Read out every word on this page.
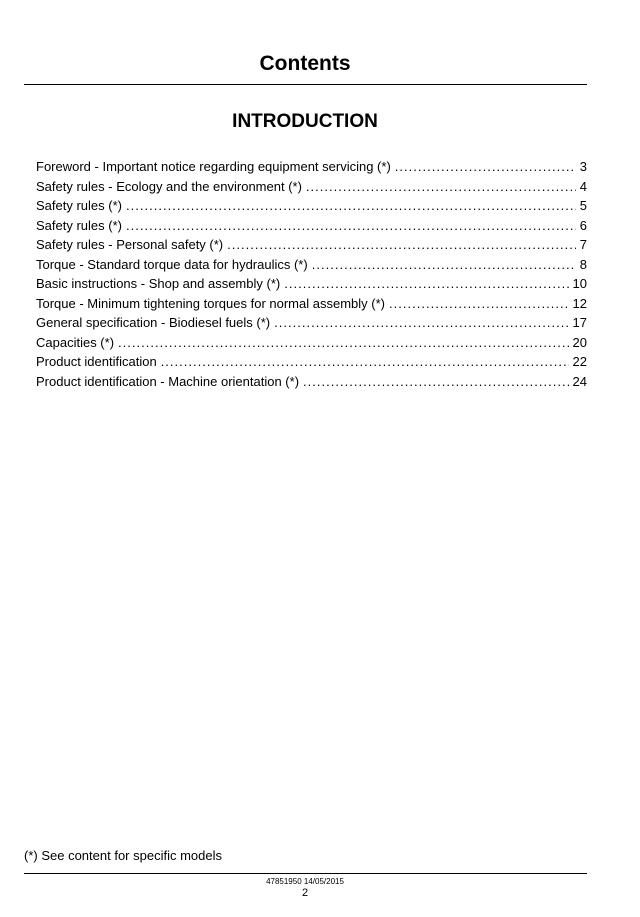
Contents
INTRODUCTION
Foreword - Important notice regarding equipment servicing (*) . . .	3
Safety rules - Ecology and the environment (*) . . .	4
Safety rules (*) . . .	5
Safety rules (*) . . .	6
Safety rules - Personal safety (*) . . .	7
Torque - Standard torque data for hydraulics (*) . . .	8
Basic instructions - Shop and assembly (*) . . .	10
Torque - Minimum tightening torques for normal assembly (*) . . .	12
General specification - Biodiesel fuels (*) . . .	17
Capacities (*) . . .	20
Product identification . . .	22
Product identification - Machine orientation (*) . . .	24
(*) See content for specific models
47851950 14/05/2015
2
